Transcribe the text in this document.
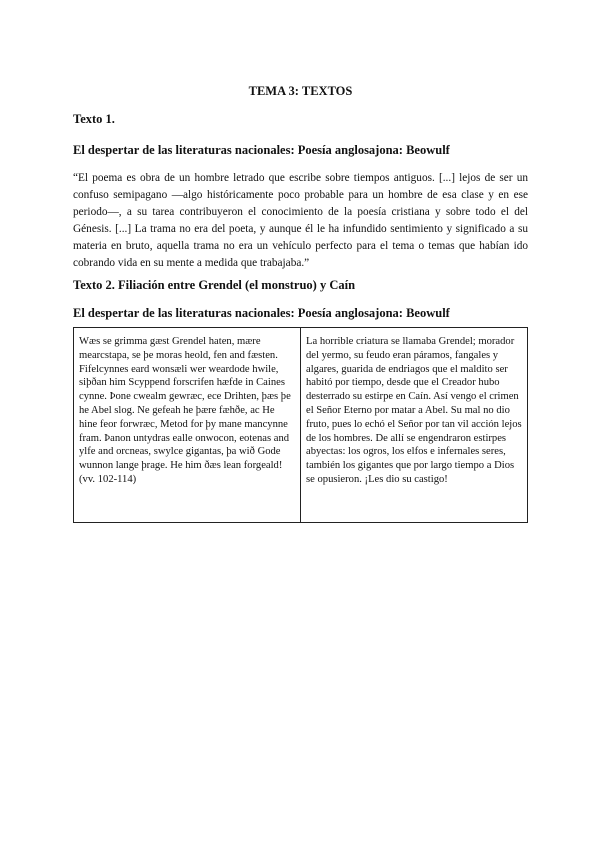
TEMA 3: TEXTOS

Texto 1.

El despertar de las literaturas nacionales: Poesía anglosajona: Beowulf

“El poema es obra de un hombre letrado que escribe sobre tiempos antiguos. [...] lejos de ser un confuso semipagano —algo históricamente poco probable para un hombre de esa clase y en ese periodo—, a su tarea contribuyeron el conocimiento de la poesía cristiana y sobre todo el del Génesis. [...] La trama no era del poeta, y aunque él le ha infundido sentimiento y significado a su materia en bruto, aquella trama no era un vehículo perfecto para el tema o temas que habían ido cobrando vida en su mente a medida que trabajaba.”

Texto 2. Filiación entre Grendel (el monstruo) y Caín

El despertar de las literaturas nacionales: Poesía anglosajona: Beowulf

Wæs se grimma gæst Grendel haten, mære mearcstapa, se þe moras heold, fen and fæsten. Fifelcynnes eard wonsæli wer weardode hwile, siþðan him Scyppend forscrifen hæfde in Caines cynne. Þone cwealm gewræc, ece Drihten, þæs þe he Abel slog. Ne gefeah he þære fæhðe, ac He hine feor forwræc, Metod for þy mane mancynne fram. Þanon untydras ealle onwocon, eotenas and ylfe and orcneas, swylce gigantas, þa wið Gode wunnon lange þrage. He him ðæs lean forgeald! (vv. 102-114)
La horrible criatura se llamaba Grendel; morador del yermo, su feudo eran páramos, fangales y algares, guarida de endriagos que el maldito ser habitó por tiempo, desde que el Creador hubo desterrado su estirpe en Caín. Así vengo el crimen el Señor Eterno por matar a Abel. Su mal no dio fruto, pues lo echó el Señor por tan vil acción lejos de los hombres. De allí se engendraron estirpes abyectas: los ogros, los elfos e infernales seres, también los gigantes que por largo tiempo a Dios se opusieron. ¡Les dio su castigo!
